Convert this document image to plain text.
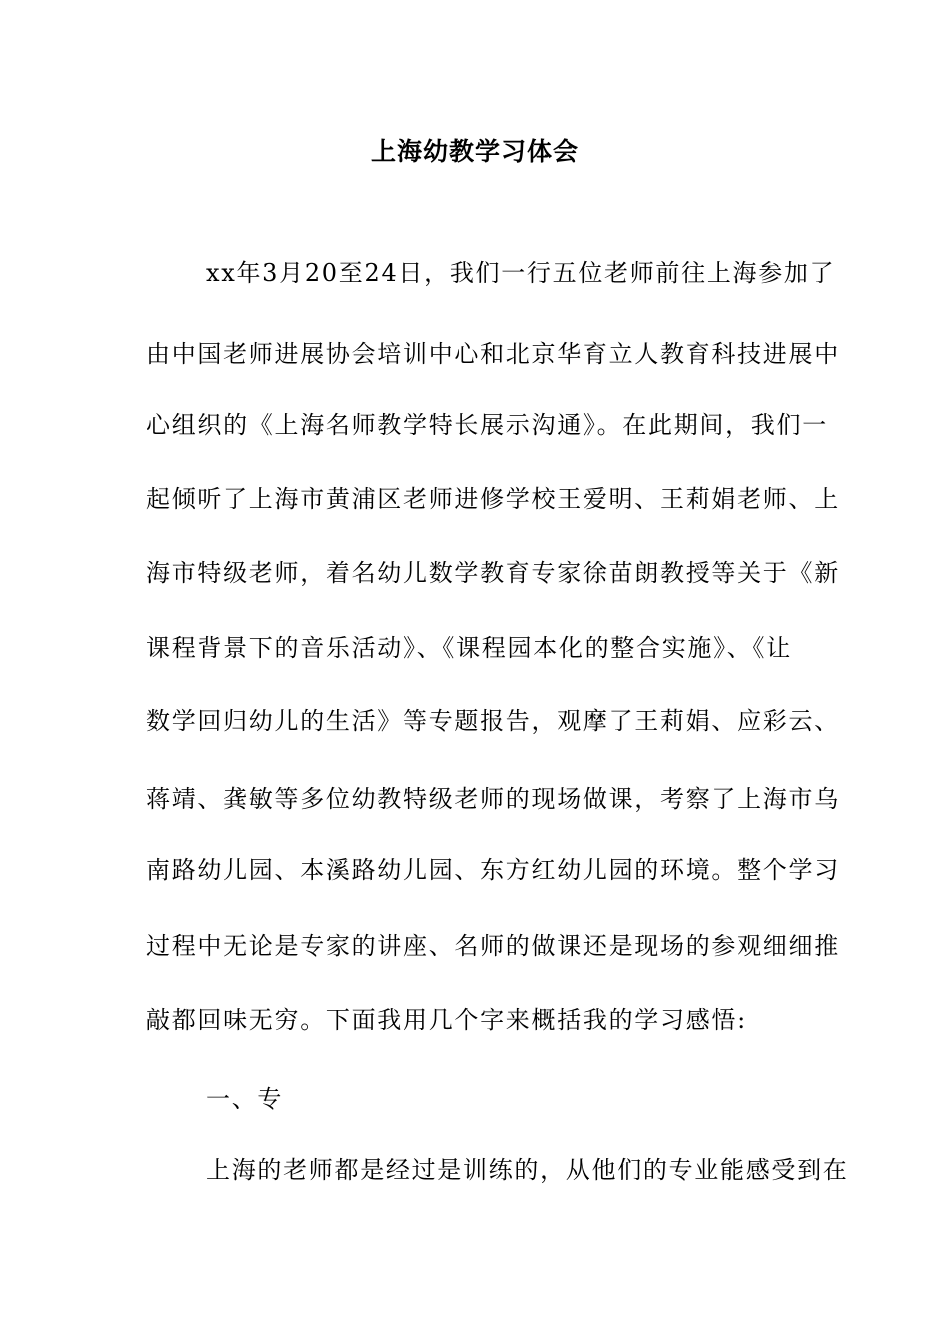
上海幼教学习体会
xx年3月20至24日，我们一行五位老师前往上海参加了
由中国老师进展协会培训中心和北京华育立人教育科技进展中
心组织的《上海名师教学特长展示沟通》。在此期间，我们一
起倾听了上海市黄浦区老师进修学校王爱明、王莉娟老师、上
海市特级老师，着名幼儿数学教育专家徐苗朗教授等关于《新
课程背景下的音乐活动》、《课程园本化的整合实施》、《让
数学回归幼儿的生活》等专题报告，观摩了王莉娟、应彩云、
蒋靖、龚敏等多位幼教特级老师的现场做课，考察了上海市乌
南路幼儿园、本溪路幼儿园、东方红幼儿园的环境。整个学习
过程中无论是专家的讲座、名师的做课还是现场的参观细细推
敲都回味无穷。下面我用几个字来概括我的学习感悟:
一、专
上海的老师都是经过是训练的，从他们的专业能感受到在
